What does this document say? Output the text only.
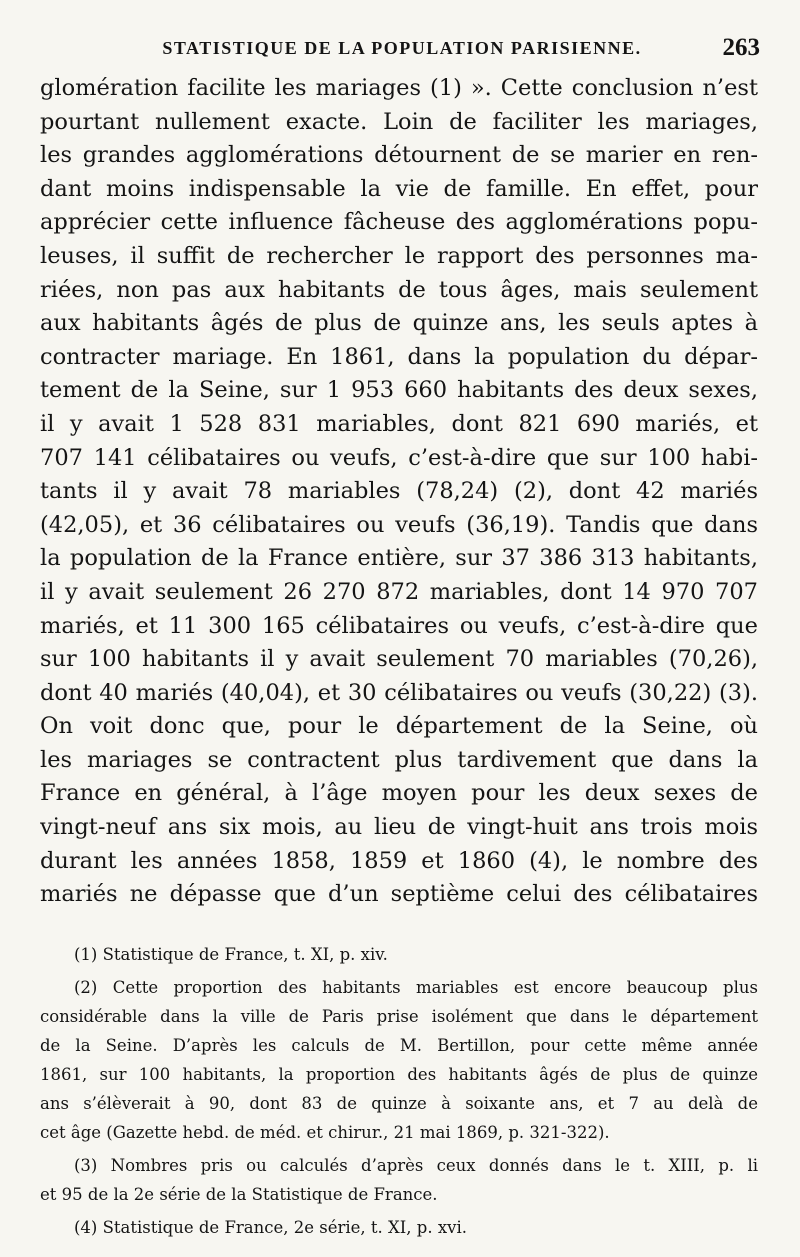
STATISTIQUE DE LA POPULATION PARISIENNE.	263
glomération facilite les mariages (1) ». Cette conclusion n’est
pourtant nullement exacte. Loin de faciliter les mariages,
les grandes agglomérations détournent de se marier en ren-
dant moins indispensable la vie de famille. En effet, pour
apprécier cette influence fâcheuse des agglomérations popu-
leuses, il suffit de rechercher le rapport des personnes ma-
riées, non pas aux habitants de tous âges, mais seulement
aux habitants âgés de plus de quinze ans, les seuls aptes à
contracter mariage. En 1861, dans la population du dépar-
tement de la Seine, sur 1 953 660 habitants des deux sexes,
il y avait 1 528 831 mariables, dont 821 690 mariés, et
707 141 célibataires ou veufs, c’est-à-dire que sur 100 habi-
tants il y avait 78 mariables (78,24) (2), dont 42 mariés
(42,05), et 36 célibataires ou veufs (36,19). Tandis que dans
la population de la France entière, sur 37 386 313 habitants,
il y avait seulement 26 270 872 mariables, dont 14 970 707
mariés, et 11 300 165 célibataires ou veufs, c’est-à-dire que
sur 100 habitants il y avait seulement 70 mariables (70,26),
dont 40 mariés (40,04), et 30 célibataires ou veufs (30,22) (3).
On voit donc que, pour le département de la Seine, où
les mariages se contractent plus tardivement que dans la
France en général, à l’âge moyen pour les deux sexes de
vingt-neuf ans six mois, au lieu de vingt-huit ans trois mois
durant les années 1858, 1859 et 1860 (4), le nombre des
mariés ne dépasse que d’un septième celui des célibataires
(1) Statistique de France, t. XI, p. xiv.
(2) Cette proportion des habitants mariables est encore beaucoup plus
considérable dans la ville de Paris prise isolément que dans le département
de la Seine. D’après les calculs de M. Bertillon, pour cette même année
1861, sur 100 habitants, la proportion des habitants âgés de plus de quinze
ans s’élèverait à 90, dont 83 de quinze à soixante ans, et 7 au delà de
cet âge (Gazette hebd. de méd. et chirur., 21 mai 1869, p. 321-322).
(3) Nombres pris ou calculés d’après ceux donnés dans le t. XIII, p. li
et 95 de la 2e série de la Statistique de France.
(4) Statistique de France, 2e série, t. XI, p. xvi.
